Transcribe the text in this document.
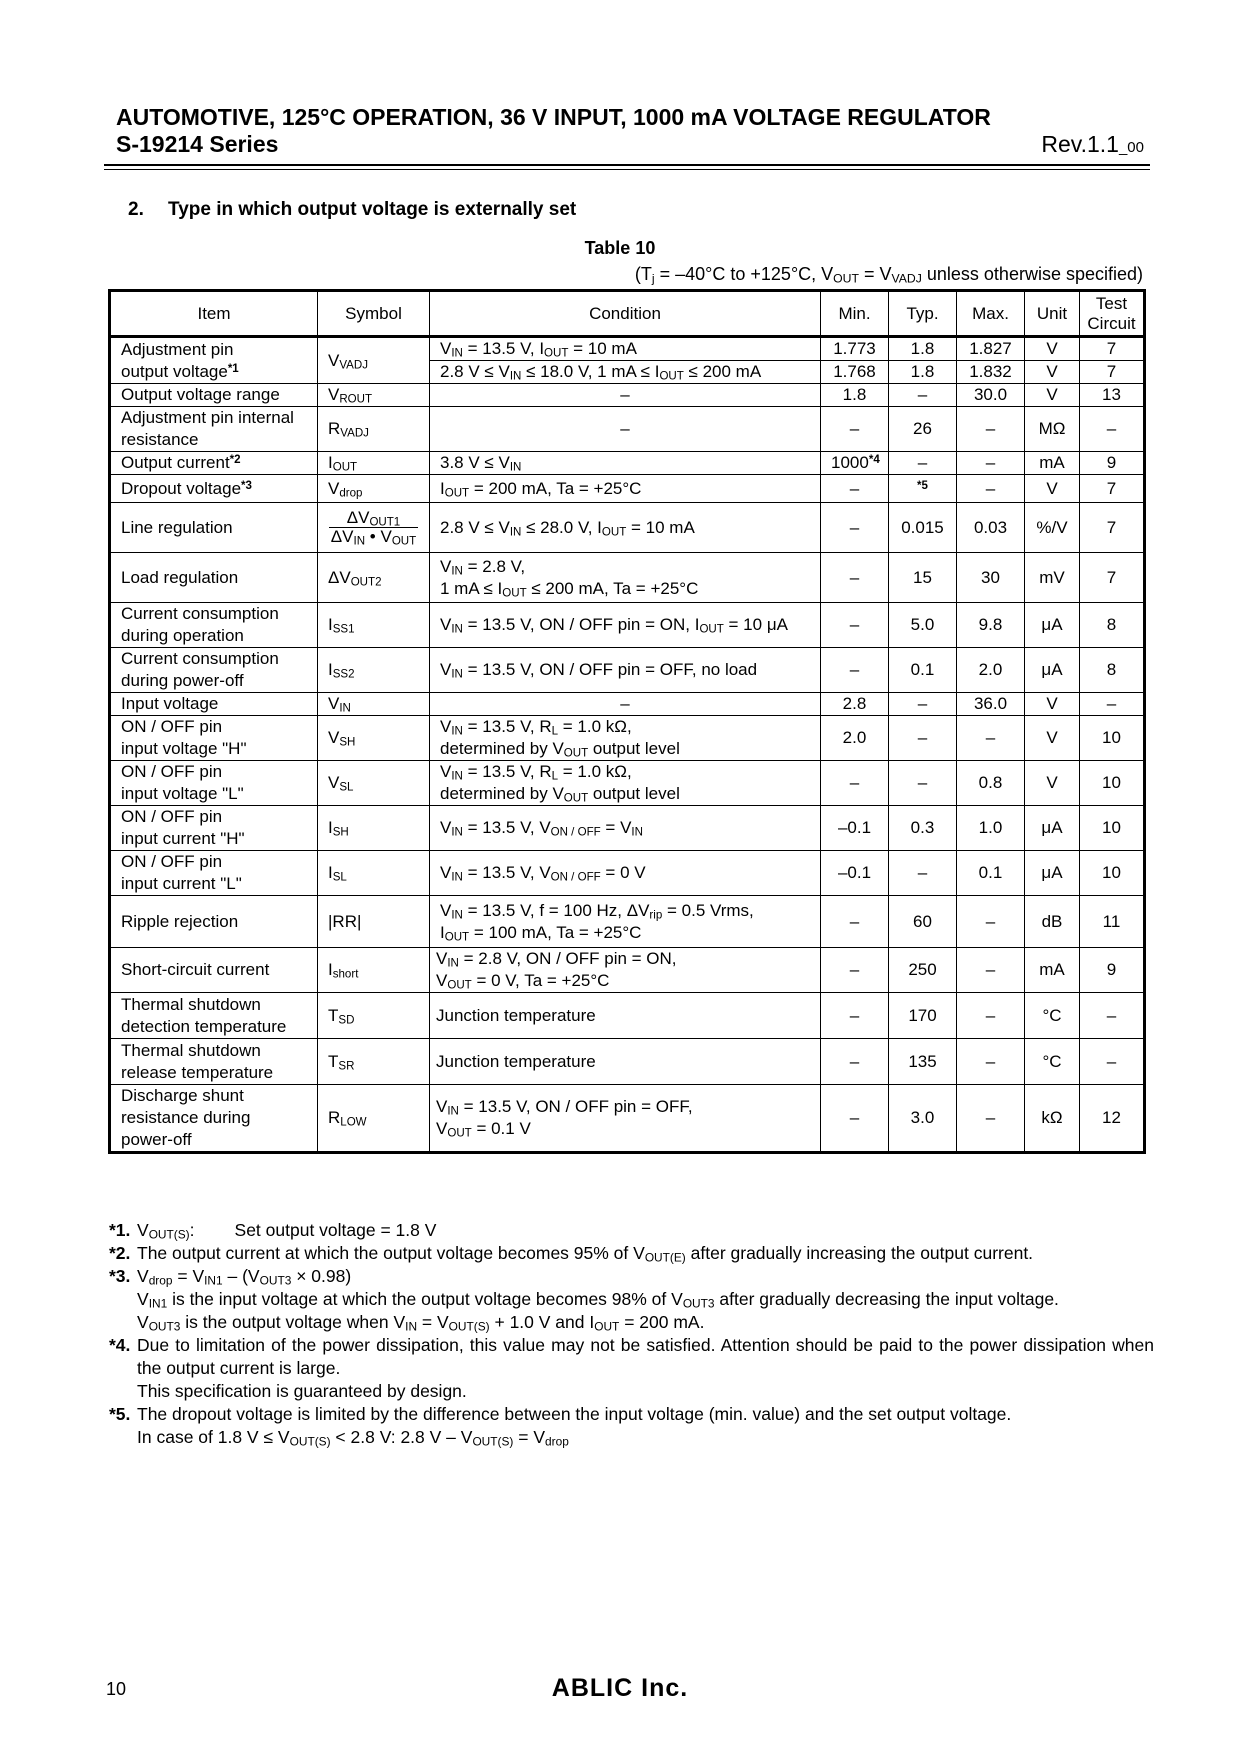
AUTOMOTIVE, 125°C OPERATION, 36 V INPUT, 1000 mA VOLTAGE REGULATOR
S-19214 Series	Rev.1.1_00
2. Type in which output voltage is externally set
Table 10
($T_j = -40^\circ C$ to +125°C, $V_{OUT} = V_{VADJ}$ unless otherwise specified)
Item	Symbol	Condition	Min.	Typ.	Max.	Unit	Test
Circuit
Adjustment pin
output voltage$^{*1}$	$V_{VADJ}$	$V_{IN} = 13.5$ V, $I_{OUT} = 10$ mA	1.773	1.8	1.827	V	7
		2.8 $V \le V_{IN} \le 18.0$ V, 1 mA ≤ $I_{OUT} \le 200$ mA	1.768	1.8	1.832	V	7
Output voltage range	$V_{ROUT}$	–	1.8	–	30.0	V	13
Adjustment pin internal
resistance	$R_{VADJ}$	–	–	26	–	MΩ	–
Output current$^{*2}$	$I_{OUT}$	3.8 $V \le V_{IN}$	1000$^{*4}$	–	–	mA	9
Dropout voltage$^{*3}$	$V_{drop}$	$I_{OUT} = 200$ mA, Ta = +25°C	–	$^{*5}$	–	V	7
Line regulation	$\frac{\Delta V_{OUT1}}{\Delta V_{IN} • V_{OUT}}$	2.8 $V \le V_{IN} \le 28.0$ V, $I_{OUT} = 10$ mA	–	0.015	0.03	%/V	7
Load regulation	$\Delta V_{OUT2}$	$V_{IN} = 2.8$ V,
1 mA ≤ $I_{OUT} \le 200$ mA, Ta = +25°C	–	15	30	mV	7
Current consumption
during operation	$I_{SS1}$	$V_{IN} = 13.5$ V, ON / OFF pin = ON, $I_{OUT} = 10$ μA	–	5.0	9.8	μA	8
Current consumption
during power-off	$I_{SS2}$	$V_{IN} = 13.5$ V, ON / OFF pin = OFF, no load	–	0.1	2.0	μA	8
Input voltage	$V_{IN}$	–	2.8	–	36.0	V	–
ON / OFF pin
input voltage "H"	$V_{SH}$	$V_{IN} = 13.5$ V, $R_L = 1.0$ kΩ,
determined by $V_{OUT}$ output level	2.0	–	–	V	10
ON / OFF pin
input voltage "L"	$V_{SL}$	$V_{IN} = 13.5$ V, $R_L = 1.0$ kΩ,
determined by $V_{OUT}$ output level	–	–	0.8	V	10
ON / OFF pin
input current "H"	$I_{SH}$	$V_{IN} = 13.5$ V, $V_{ON / OFF} = V_{IN}$	–0.1	0.3	1.0	μA	10
ON / OFF pin
input current "L"	$I_{SL}$	$V_{IN} = 13.5$ V, $V_{ON / OFF} = 0$ V	–0.1	–	0.1	μA	10
Ripple rejection	|RR|	$V_{IN} = 13.5$ V, f = 100 Hz, $\Delta V_{rip} = 0.5$ Vrms,
$I_{OUT} = 100$ mA, Ta = +25°C	–	60	–	dB	11
Short-circuit current	$I_{short}$	$V_{IN} = 2.8$ V, ON / OFF pin = ON,
$V_{OUT} = 0$ V, Ta = +25°C	–	250	–	mA	9
Thermal shutdown
detection temperature	$T_{SD}$	Junction temperature	–	170	–	°C	–
Thermal shutdown
release temperature	$T_{SR}$	Junction temperature	–	135	–	°C	–
Discharge shunt
resistance during
power-off	$R_{LOW}$	$V_{IN} = 13.5$ V, ON / OFF pin = OFF,
$V_{OUT} = 0.1$ V	–	3.0	–	kΩ	12
*1. $V_{OUT(S)}$: Set output voltage = 1.8 V

*2. The output current at which the output voltage becomes 95% of $V_{OUT(E)}$ after gradually increasing the output current.

*3. $V_{drop} = V_{IN1} - (V_{OUT3} \times 0.98)$

$V_{IN1}$ is the input voltage at which the output voltage becomes 98% of $V_{OUT3}$ after gradually decreasing the input voltage.

$V_{OUT3}$ is the output voltage when $V_{IN} = V_{OUT(S)} + 1.0$ V and $I_{OUT} = 200$ mA.

*4. Due to limitation of the power dissipation, this value may not be satisfied. Attention should be paid to the power dissipation when the output current is large.

This specification is guaranteed by design.

*5. The dropout voltage is limited by the difference between the input voltage (min. value) and the set output voltage.

In case of 1.8 $V \le V_{OUT(S)} < 2.8$ V: 2.8 $V - V_{OUT(S)} = V_{drop}$

10	ABLIC Inc.
